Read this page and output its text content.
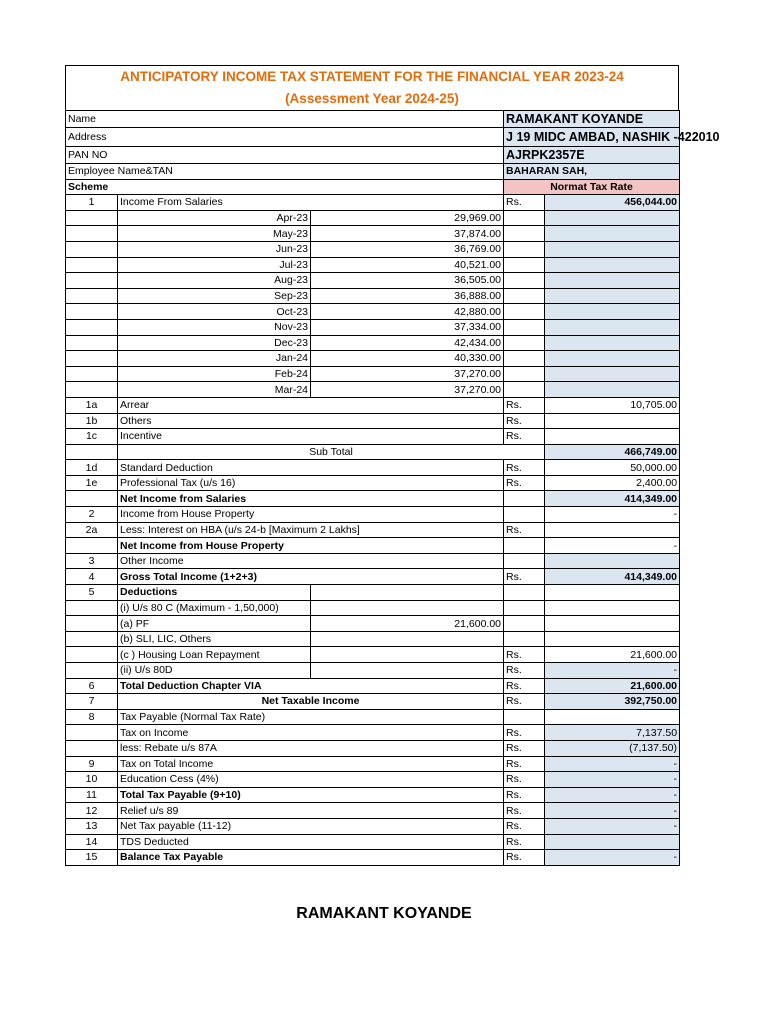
ANTICIPATORY INCOME TAX STATEMENT FOR THE FINANCIAL YEAR 2023-24
(Assessment Year 2024-25)
Name			RAMAKANT KOYANDE	
Address			J 19 MIDC AMBAD, NASHIK -422010	
PAN NO			AJRPK2357E	
Employee Name&TAN			BAHARAN SAH,	
Scheme			Normat Tax Rate	
1	Income From Salaries		Rs.	456,044.00
	Apr-23	29,969.00		
	May-23	37,874.00		
	Jun-23	36,769.00		
	Jul-23	40,521.00		
	Aug-23	36,505.00		
	Sep-23	36,888.00		
	Oct-23	42,880.00		
	Nov-23	37,334.00		
	Dec-23	42,434.00		
	Jan-24	40,330.00		
	Feb-24	37,270.00		
	Mar-24	37,270.00		
1a	Arrear		Rs.	10,705.00
1b	Others		Rs.	
1c	Incentive		Rs.	
	Sub Total			466,749.00
1d	Standard Deduction		Rs.	50,000.00
1e	Professional Tax (u/s 16)		Rs.	2,400.00
	Net Income from Salaries			414,349.00
2	Income from House Property			-
2a	Less: Interest on HBA (u/s 24-b [Maximum 2 Lakhs]		Rs.	
	Net Income from House Property			-
3	Other Income			
4	Gross Total Income (1+2+3)		Rs.	414,349.00
5	Deductions			
	(i) U/s 80 C (Maximum - 1,50,000)			
	(a) PF	21,600.00		
	(b) SLI, LIC, Others			
	(c ) Housing Loan Repayment		Rs.	21,600.00
	(ii) U/s 80D		Rs.	-
6	Total Deduction Chapter VIA		Rs.	21,600.00
7	Net Taxable Income		Rs.	392,750.00
8	Tax Payable (Normal Tax Rate)			
	Tax on Income		Rs.	7,137.50
	less: Rebate u/s 87A		Rs.	(7,137.50)
9	Tax on Total Income		Rs.	-
10	Education Cess (4%)		Rs.	-
11	Total Tax Payable (9+10)		Rs.	-
12	Relief u/s 89		Rs.	-
13	Net Tax payable (11-12)		Rs.	-
14	TDS Deducted		Rs.	
15	Balance Tax Payable		Rs.	-
RAMAKANT KOYANDE
